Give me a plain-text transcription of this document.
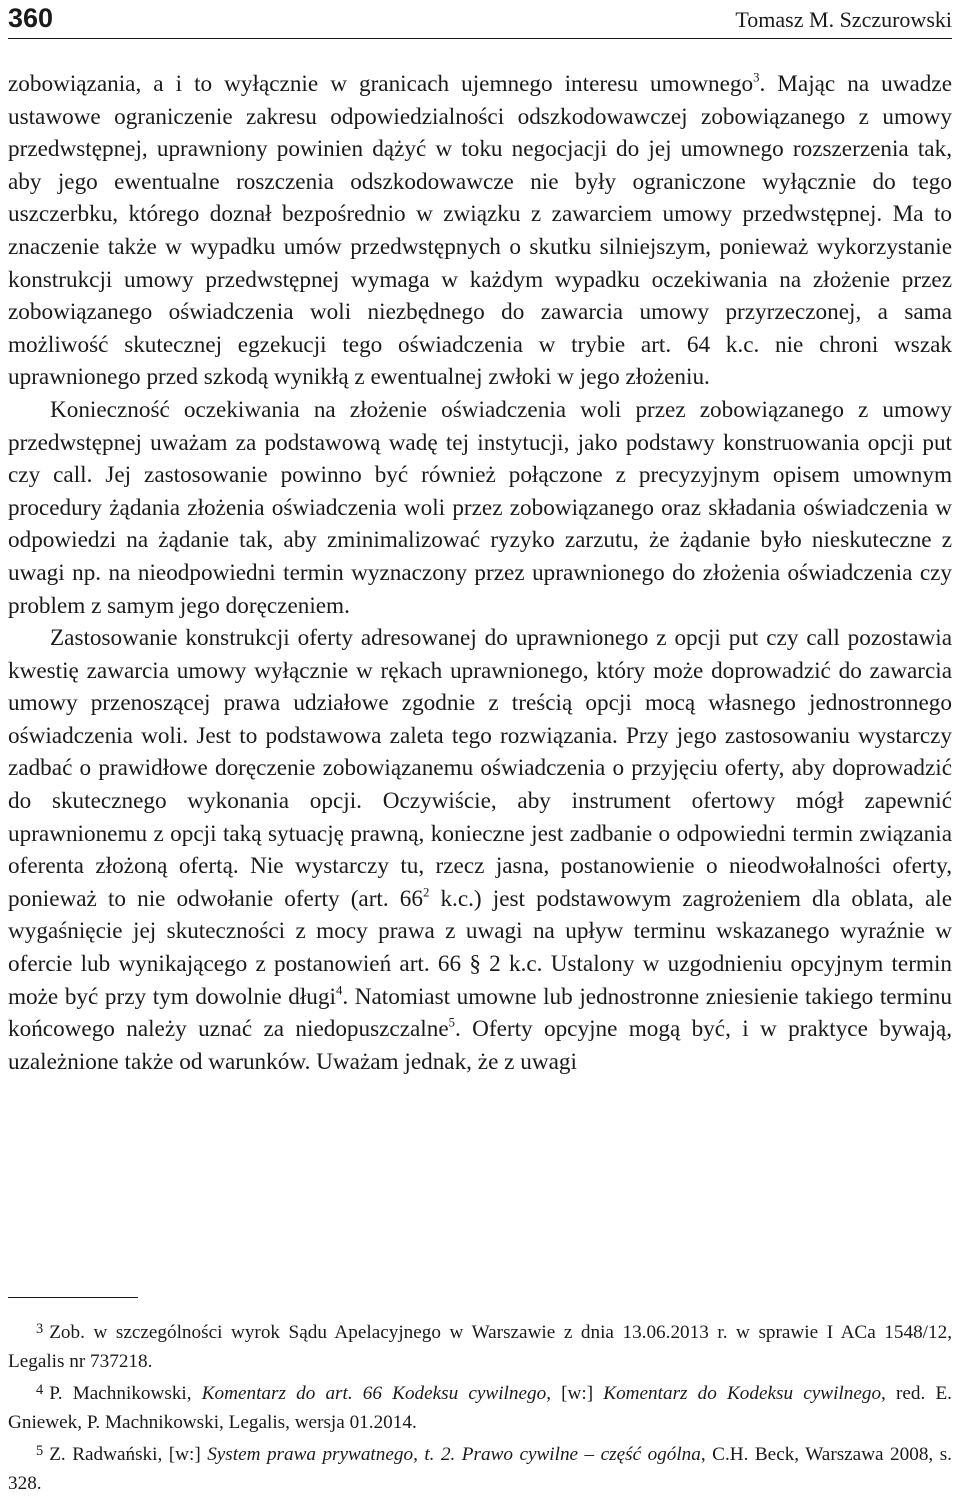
360	Tomasz M. Szczurowski

zobowiązania, a i to wyłącznie w granicach ujemnego interesu umownego$^3$. Mając na uwadze ustawowe ograniczenie zakresu odpowiedzialności odszkodowawczej zobowiązanego z umowy przedwstępnej, uprawniony powinien dążyć w toku negocjacji do jej umownego rozszerzenia tak, aby jego ewentualne roszczenia odszkodowawcze nie były ograniczone wyłącznie do tego uszczerbku, którego doznał bezpośrednio w związku z zawarciem umowy przedwstępnej. Ma to znaczenie także w wypadku umów przedwstępnych o skutku silniejszym, ponieważ wykorzystanie konstrukcji umowy przedwstępnej wymaga w każdym wypadku oczekiwania na złożenie przez zobowiązanego oświadczenia woli niezbędnego do zawarcia umowy przyrzeczonej, a sama możliwość skutecznej egzekucji tego oświadczenia w trybie art. 64 k.c. nie chroni wszak uprawnionego przed szkodą wynikłą z ewentualnej zwłoki w jego złożeniu.

Konieczność oczekiwania na złożenie oświadczenia woli przez zobowiązanego z umowy przedwstępnej uważam za podstawową wadę tej instytucji, jako podstawy konstruowania opcji put czy call. Jej zastosowanie powinno być również połączone z precyzyjnym opisem umownym procedury żądania złożenia oświadczenia woli przez zobowiązanego oraz składania oświadczenia w odpowiedzi na żądanie tak, aby zminimalizować ryzyko zarzutu, że żądanie było nieskuteczne z uwagi np. na nieodpowiedni termin wyznaczony przez uprawnionego do złożenia oświadczenia czy problem z samym jego doręczeniem.

Zastosowanie konstrukcji oferty adresowanej do uprawnionego z opcji put czy call pozostawia kwestię zawarcia umowy wyłącznie w rękach uprawnionego, który może doprowadzić do zawarcia umowy przenoszącej prawa udziałowe zgodnie z treścią opcji mocą własnego jednostronnego oświadczenia woli. Jest to podstawowa zaleta tego rozwiązania. Przy jego zastosowaniu wystarczy zadbać o prawidłowe doręczenie zobowiązanemu oświadczenia o przyjęciu oferty, aby doprowadzić do skutecznego wykonania opcji. Oczywiście, aby instrument ofertowy mógł zapewnić uprawnionemu z opcji taką sytuację prawną, konieczne jest zadbanie o odpowiedni termin związania oferenta złożoną ofertą. Nie wystarczy tu, rzecz jasna, postanowienie o nieodwołalności oferty, ponieważ to nie odwołanie oferty (art. $66^2$ k.c.) jest podstawowym zagrożeniem dla oblata, ale wygaśnięcie jej skuteczności z mocy prawa z uwagi na upływ terminu wskazanego wyraźnie w ofercie lub wynikającego z postanowień art. 66 § 2 k.c. Ustalony w uzgodnieniu opcyjnym termin może być przy tym dowolnie długi$^4$. Natomiast umowne lub jednostronne zniesienie takiego terminu końcowego należy uznać za niedopuszczalne$^5$. Oferty opcyjne mogą być, i w praktyce bywają, uzależnione także od warunków. Uważam jednak, że z uwagi

$^3$ Zob. w szczególności wyrok Sądu Apelacyjnego w Warszawie z dnia 13.06.2013 r. w sprawie I ACa 1548/12, Legalis nr 737218.

$^4$ P. Machnikowski, Komentarz do art. 66 Kodeksu cywilnego, [w:] Komentarz do Kodeksu cywilnego, red. E. Gniewek, P. Machnikowski, Legalis, wersja 01.2014.

$^5$ Z. Radwański, [w:] System prawa prywatnego, t. 2. Prawo cywilne – część ogólna, C.H. Beck, Warszawa 2008, s. 328.
